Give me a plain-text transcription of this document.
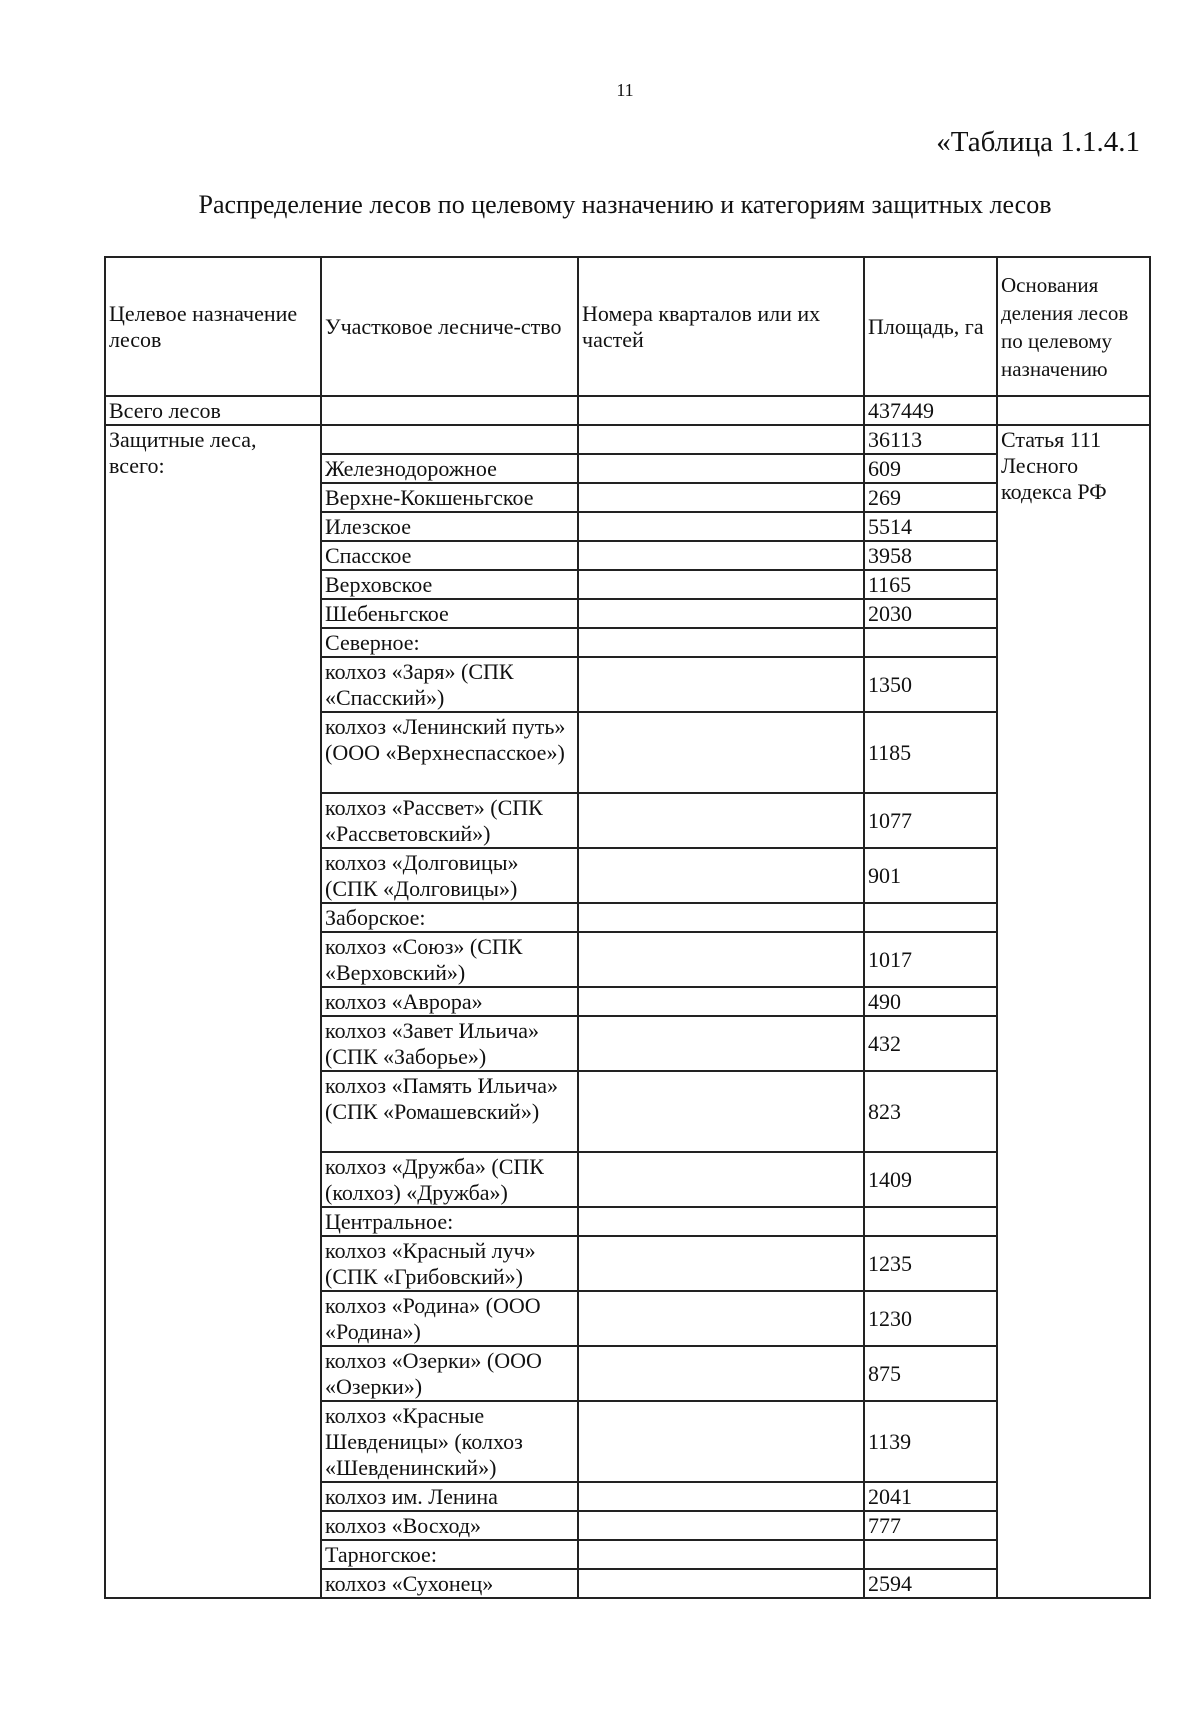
11
«Таблица 1.1.4.1
Распределение лесов по целевому назначению и категориям защитных лесов
Целевое назначение лесов	Участковое лесниче-ство	Номера кварталов или их частей	Площадь, га	Основания деления лесов по целевому назначению
Всего лесов			437449	
Защитные леса, всего:			36113	Статья 111 Лесного кодекса РФ
	Железнодорожное		609	
	Верхне-Кокшеньгское		269	
	Илезское		5514	
	Спасское		3958	
	Верховское		1165	
	Шебеньгское		2030	
	Северное:			
	колхоз «Заря» (СПК «Спасский»)		1350	
	колхоз «Ленинский путь» (ООО «Верхнеспасское»)		1185	
	колхоз «Рассвет» (СПК «Рассветовский»)		1077	
	колхоз «Долговицы» (СПК «Долговицы»)		901	
	Заборское:			
	колхоз «Союз» (СПК «Верховский»)		1017	
	колхоз «Аврора»		490	
	колхоз «Завет Ильича» (СПК «Заборье»)		432	
	колхоз «Память Ильича» (СПК «Ромашевский»)		823	
	колхоз «Дружба» (СПК (колхоз) «Дружба»)		1409	
	Центральное:			
	колхоз «Красный луч» (СПК «Грибовский»)		1235	
	колхоз «Родина» (ООО «Родина»)		1230	
	колхоз «Озерки» (ООО «Озерки»)		875	
	колхоз «Красные Шевденицы» (колхоз «Шевденинский»)		1139	
	колхоз им. Ленина		2041	
	колхоз «Восход»		777	
	Тарногское:			
	колхоз «Сухонец»		2594	
